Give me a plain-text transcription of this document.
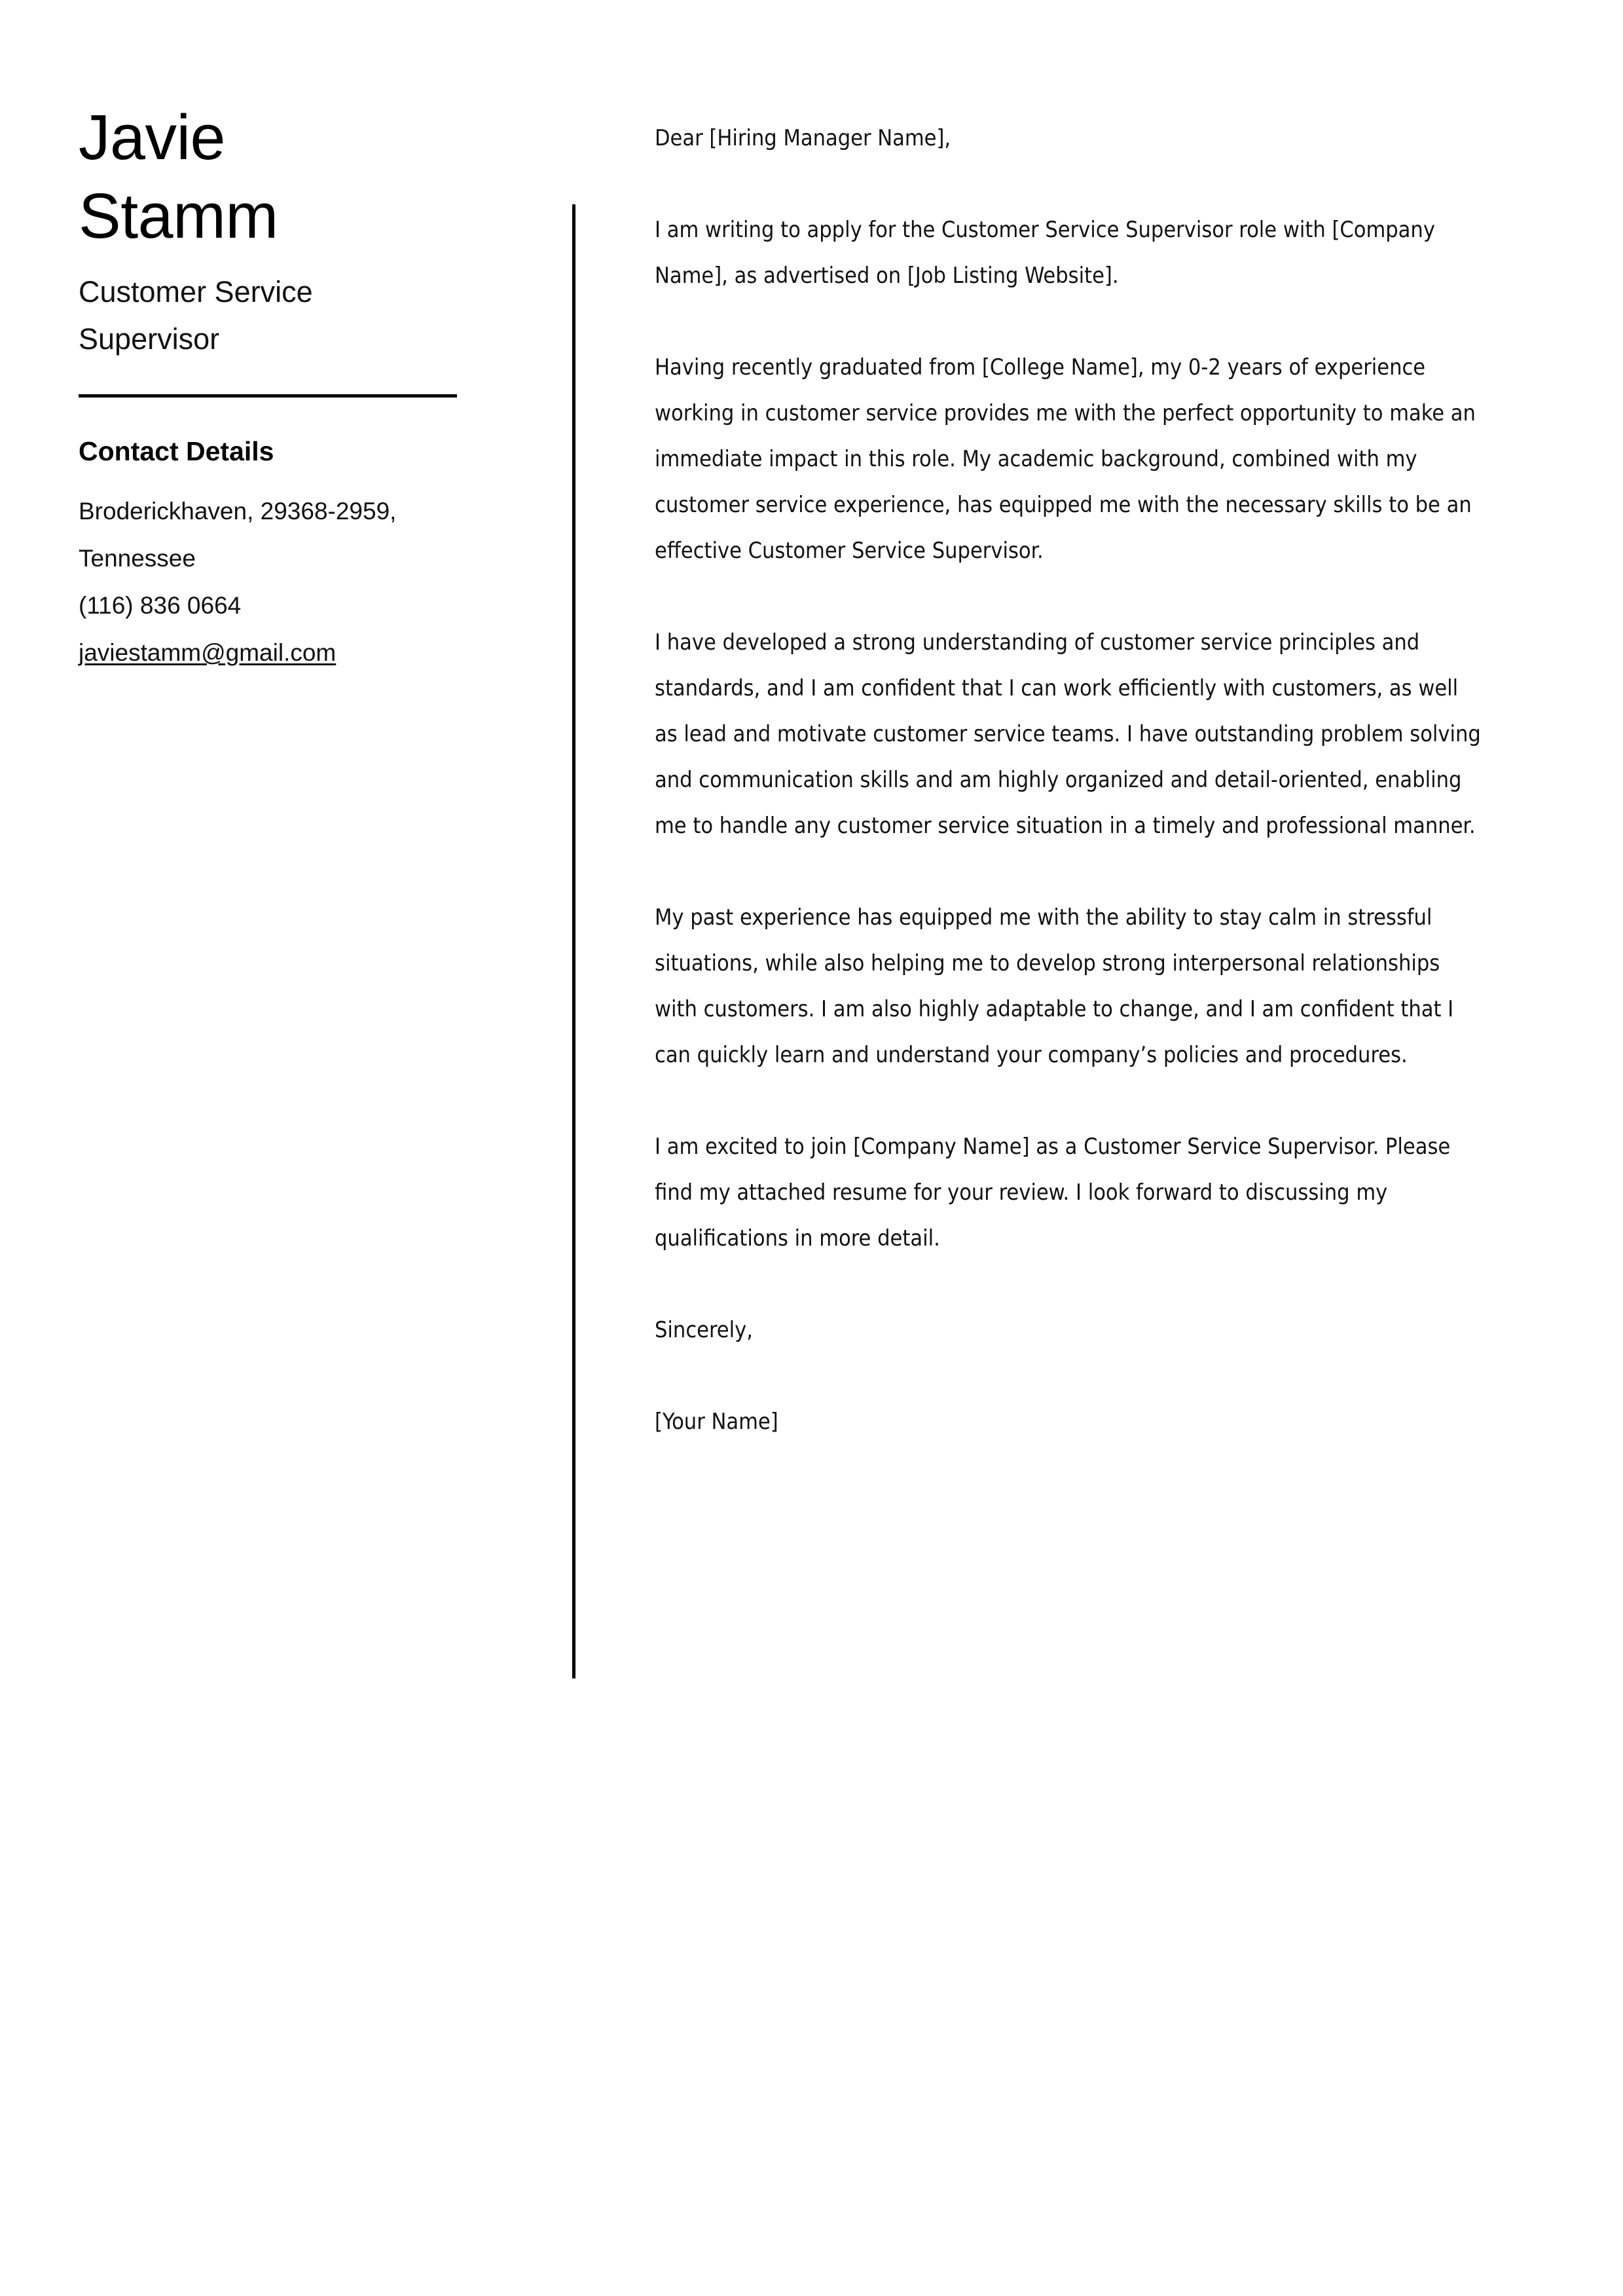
Javie
Stamm
Customer Service Supervisor
Contact Details
Broderickhaven, 29368-2959, Tennessee
(116) 836 0664
javiestamm@gmail.com

Dear [Hiring Manager Name],

I am writing to apply for the Customer Service Supervisor role with [Company Name], as advertised on [Job Listing Website].

Having recently graduated from [College Name], my 0-2 years of experience working in customer service provides me with the perfect opportunity to make an immediate impact in this role. My academic background, combined with my customer service experience, has equipped me with the necessary skills to be an effective Customer Service Supervisor.

I have developed a strong understanding of customer service principles and standards, and I am confident that I can work efficiently with customers, as well as lead and motivate customer service teams. I have outstanding problem solving and communication skills and am highly organized and detail-oriented, enabling me to handle any customer service situation in a timely and professional manner.

My past experience has equipped me with the ability to stay calm in stressful situations, while also helping me to develop strong interpersonal relationships with customers. I am also highly adaptable to change, and I am confident that I can quickly learn and understand your company’s policies and procedures.

I am excited to join [Company Name] as a Customer Service Supervisor. Please find my attached resume for your review. I look forward to discussing my qualifications in more detail.

Sincerely,

[Your Name]
